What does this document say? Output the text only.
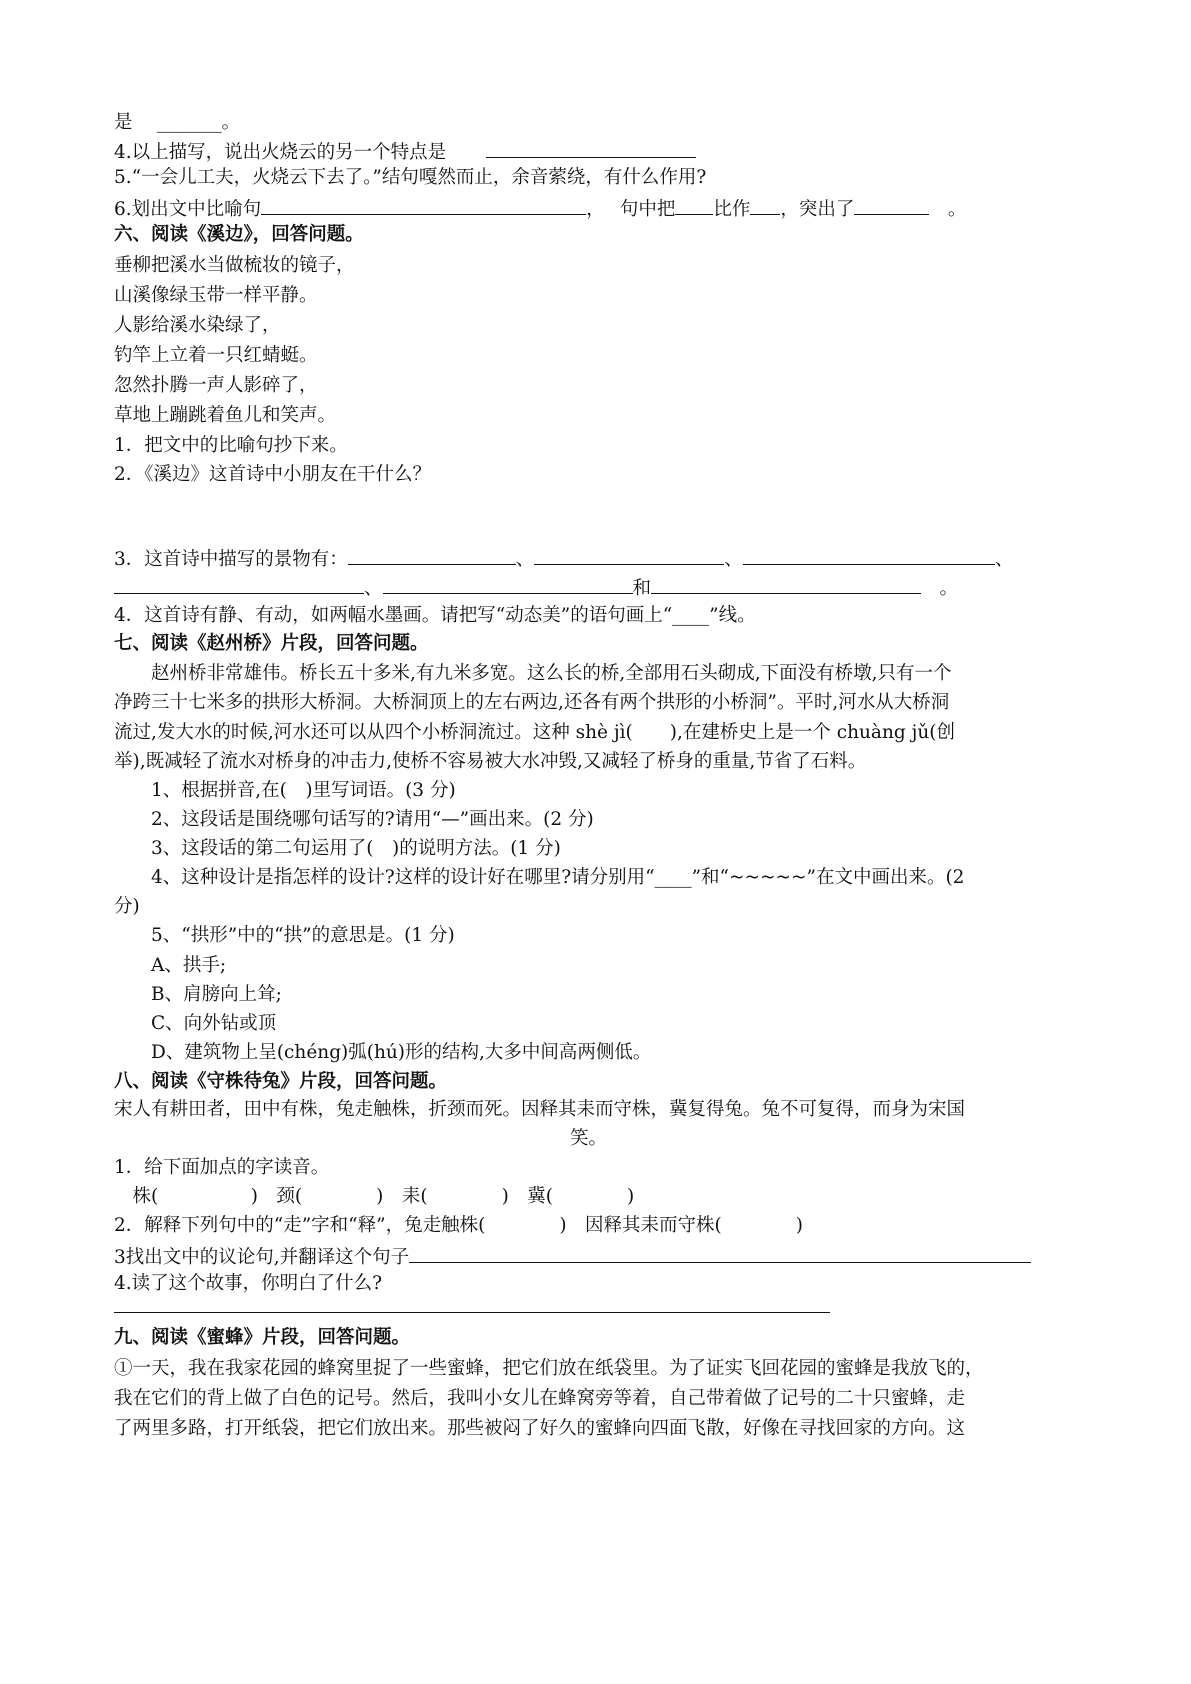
是　 _______。
4.以上描写，说出火烧云的另一个特点是
5.“一会儿工夫，火烧云下去了。”结句嘎然而止，余音萦绕，有什么作用?
6.划出文中比喻句	，　 句中把 比作 ，突出了　	。
六、阅读《溪边》，回答问题。
垂柳把溪水当做梳妆的镜子，
山溪像绿玉带一样平静。
人影给溪水染绿了，
钓竿上立着一只红蜻蜓。
忽然扑腾一声人影碎了，
草地上蹦跳着鱼儿和笑声。
1．把文中的比喻句抄下来。
2．《溪边》这首诗中小朋友在干什么？
3．这首诗中描写的景物有：	、	、	、
、	和　	。
4．这首诗有静、有动，如两幅水墨画。请把写“动态美”的语句画上“____”线。
七、阅读《赵州桥》片段，回答问题。
　　赵州桥非常雄伟。桥长五十多米,有九米多宽。这么长的桥,全部用石头砌成,下面没有桥墩,只有一个
净跨三十七米多的拱形大桥洞。大桥洞顶上的左右两边,还各有两个拱形的小桥洞”。平时,河水从大桥洞
流过,发大水的时候,河水还可以从四个小桥洞流过。这种 shè jì(　　),在建桥史上是一个 chuàng jǔ(创
举),既减轻了流水对桥身的冲击力,使桥不容易被大水冲毁,又减轻了桥身的重量,节省了石料。
　　1、根据拼音,在(　)里写词语。(3 分)
　　2、这段话是围绕哪句话写的?请用“—”画出来。(2 分)
　　3、这段话的第二句运用了(　)的说明方法。(1 分)
　　4、这种设计是指怎样的设计?这样的设计好在哪里?请分别用“____”和“~~~~~”在文中画出来。(2
分)
　　5、“拱形”中的“拱”的意思是。(1 分)
　　A、拱手;
　　B、肩膀向上耸;
　　C、向外钻或顶
　　D、建筑物上呈(chéng)弧(hú)形的结构,大多中间高两侧低。
八、阅读《守株待兔》片段，回答问题。
宋人有耕田者，田中有株，兔走触株，折颈而死。因释其耒而守株，冀复得兔。兔不可复得，而身为宋国
笑。
1．给下面加点的字读音。
　株(　　　　　)　颈(　　　　)　耒(　　　　)　冀(　　　　)
2．解释下列句中的“走”字和“释”，兔走触株(　　　　)　因释其耒而守株(　　　　)
3找出文中的议论句,并翻译这个句子
4.读了这个故事，你明白了什么?
九、阅读《蜜蜂》片段，回答问题。
①一天，我在我家花园的蜂窝里捉了一些蜜蜂，把它们放在纸袋里。为了证实飞回花园的蜜蜂是我放飞的，
我在它们的背上做了白色的记号。然后，我叫小女儿在蜂窝旁等着，自己带着做了记号的二十只蜜蜂，走
了两里多路，打开纸袋，把它们放出来。那些被闷了好久的蜜蜂向四面飞散，好像在寻找回家的方向。这
